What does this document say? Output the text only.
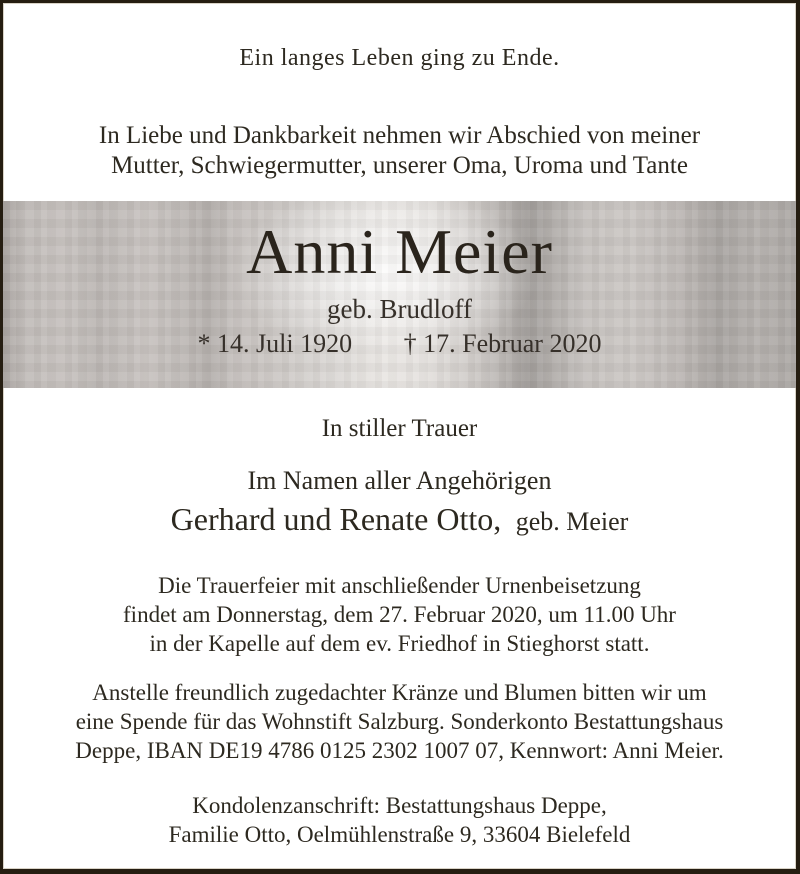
Ein langes Leben ging zu Ende.

In Liebe und Dankbarkeit nehmen wir Abschied von meiner
Mutter, Schwiegermutter, unserer Oma, Uroma und Tante

Anni Meier
geb. Brudloff
* 14. Juli 1920 † 17. Februar 2020

In stiller Trauer

Im Namen aller Angehörigen

Gerhard und Renate Otto, geb. Meier

Die Trauerfeier mit anschließender Urnenbeisetzung
findet am Donnerstag, dem 27. Februar 2020, um 11.00 Uhr
in der Kapelle auf dem ev. Friedhof in Stieghorst statt.

Anstelle freundlich zugedachter Kränze und Blumen bitten wir um
eine Spende für das Wohnstift Salzburg. Sonderkonto Bestattungshaus
Deppe, IBAN DE19 4786 0125 2302 1007 07, Kennwort: Anni Meier.

Kondolenzanschrift: Bestattungshaus Deppe,
Familie Otto, Oelmühlenstraße 9, 33604 Bielefeld
